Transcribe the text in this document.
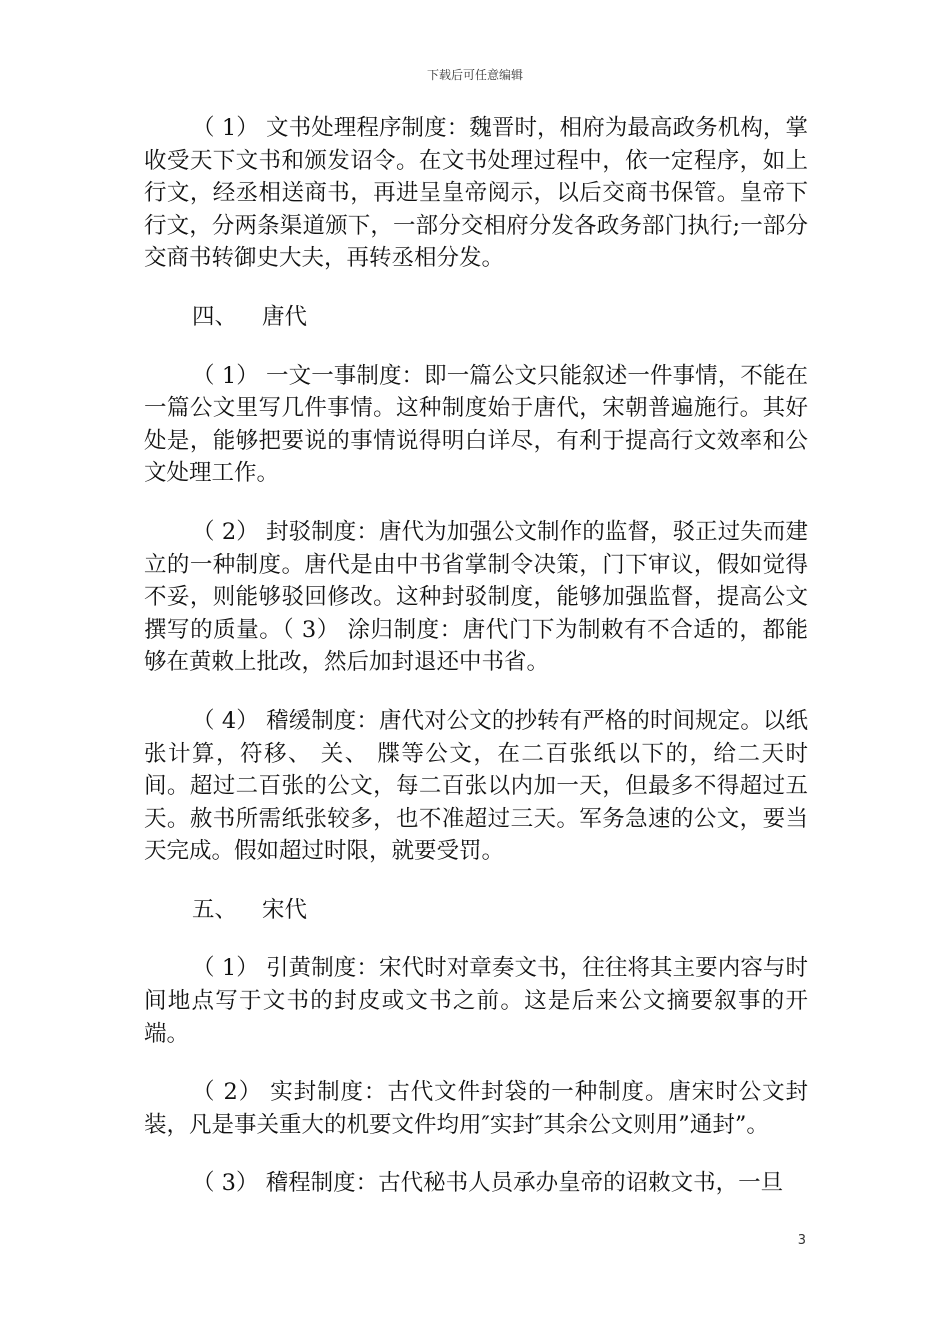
下载后可任意编辑

（ 1） 文书处理程序制度：魏晋时，相府为最高政务机构，掌收受天下文书和颁发诏令。在文书处理过程中，依一定程序，如上行文，经丞相送商书，再进呈皇帝阅示，以后交商书保管。皇帝下行文，分两条渠道颁下，一部分交相府分发各政务部门执行;一部分交商书转御史大夫，再转丞相分发。

四、 唐代

（ 1） 一文一事制度：即一篇公文只能叙述一件事情，不能在一篇公文里写几件事情。这种制度始于唐代，宋朝普遍施行。其好处是，能够把要说的事情说得明白详尽，有利于提高行文效率和公文处理工作。

（ 2） 封驳制度：唐代为加强公文制作的监督，驳正过失而建立的一种制度。唐代是由中书省掌制令决策，门下审议，假如觉得不妥，则能够驳回修改。这种封驳制度，能够加强监督，提高公文撰写的质量。（ 3） 涂归制度：唐代门下为制敕有不合适的，都能够在黄敕上批改，然后加封退还中书省。

（ 4） 稽缓制度：唐代对公文的抄转有严格的时间规定。以纸张计算，符移、 关、 牒等公文，在二百张纸以下的，给二天时间。超过二百张的公文，每二百张以内加一天，但最多不得超过五天。赦书所需纸张较多，也不准超过三天。军务急速的公文，要当天完成。假如超过时限，就要受罚。

五、 宋代

（ 1） 引黄制度：宋代时对章奏文书，往往将其主要内容与时间地点写于文书的封皮或文书之前。这是后来公文摘要叙事的开端。

（ 2） 实封制度：古代文件封袋的一种制度。唐宋时公文封装，凡是事关重大的机要文件均用″实封″其余公文则用”通封”。

（ 3） 稽程制度：古代秘书人员承办皇帝的诏敕文书，一旦

3
